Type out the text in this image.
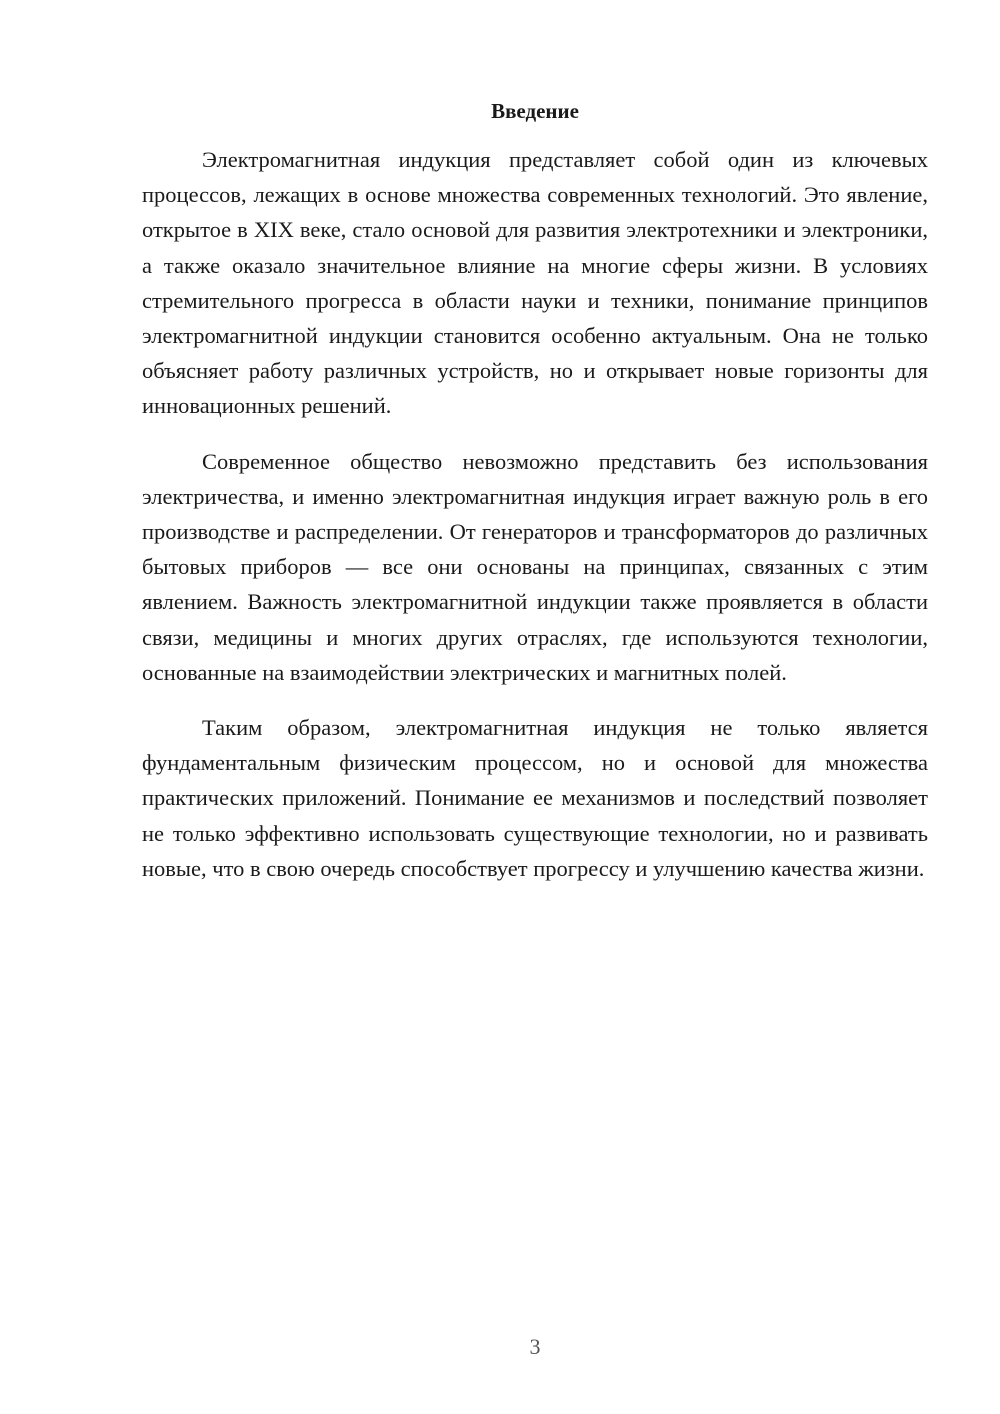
Введение

Электромагнитная индукция представляет собой один из ключевых процессов, лежащих в основе множества современных технологий. Это явление, открытое в XIX веке, стало основой для развития электротехники и электроники, а также оказало значительное влияние на многие сферы жизни. В условиях стремительного прогресса в области науки и техники, понимание принципов электромагнитной индукции становится особенно актуальным. Она не только объясняет работу различных устройств, но и открывает новые горизонты для инновационных решений.

Современное общество невозможно представить без использования электричества, и именно электромагнитная индукция играет важную роль в его производстве и распределении. От генераторов и трансформаторов до различных бытовых приборов — все они основаны на принципах, связанных с этим явлением. Важность электромагнитной индукции также проявляется в области связи, медицины и многих других отраслях, где используются технологии, основанные на взаимодействии электрических и магнитных полей.

Таким образом, электромагнитная индукция не только является фундаментальным физическим процессом, но и основой для множества практических приложений. Понимание ее механизмов и последствий позволяет не только эффективно использовать существующие технологии, но и развивать новые, что в свою очередь способствует прогрессу и улучшению качества жизни.

3
